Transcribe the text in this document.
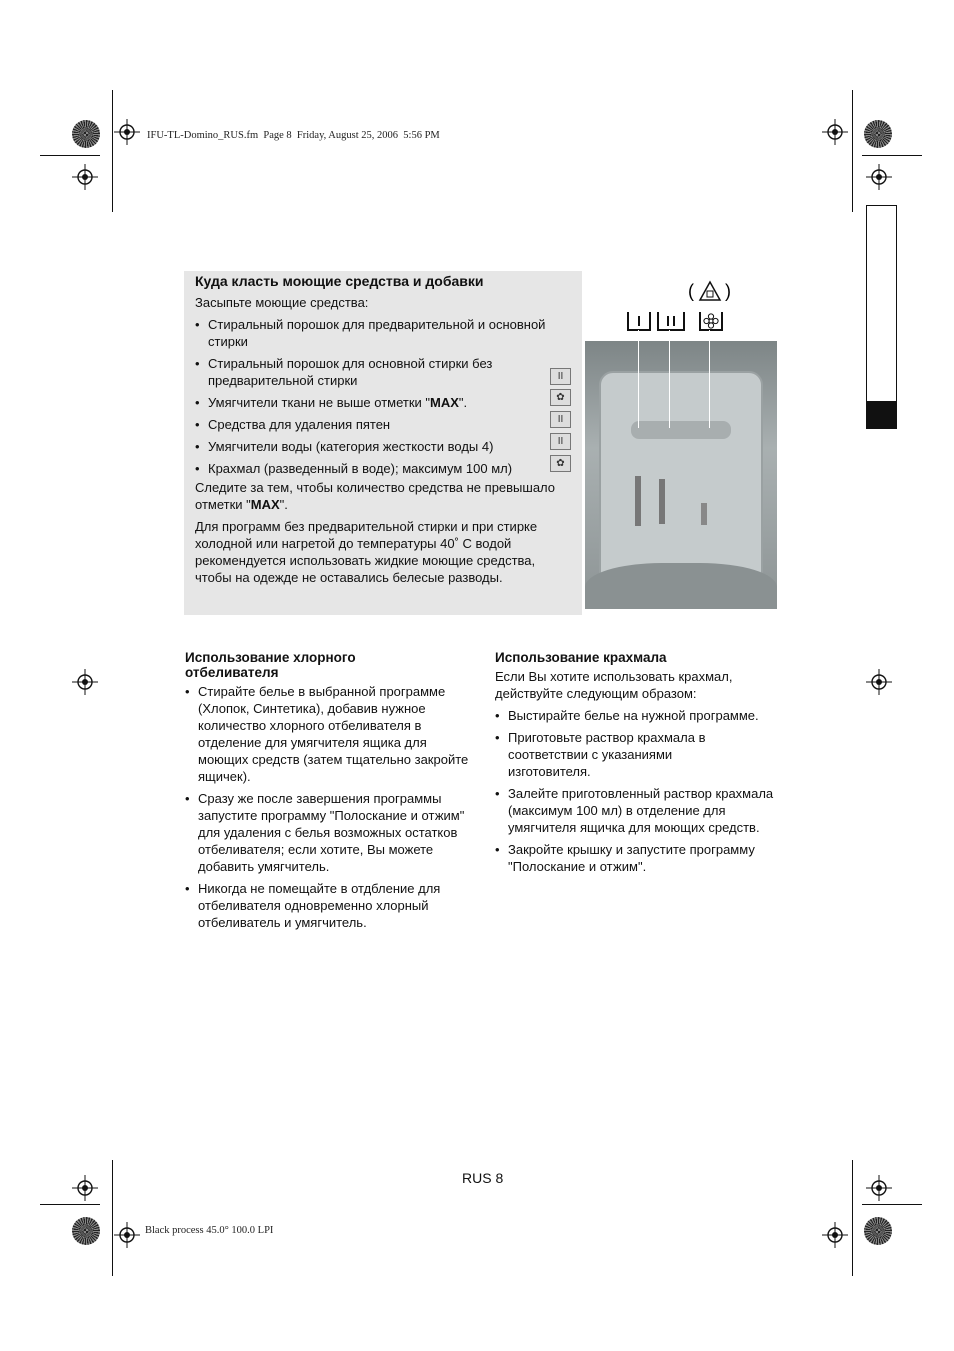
IFU-TL-Domino_RUS.fm  Page 8  Friday, August 25, 2006  5:56 PM
Куда класть моющие средства и добавки
Засыпьте моющие средства:
• Стиральный порошок для предварительной и основной стирки
• Стиральный порошок для основной стирки без предварительной стирки
• Умягчители ткани не выше отметки "MAX".
• Средства для удаления пятен
• Умягчители воды (категория жесткости воды 4)
• Крахмал (разведенный в воде); максимум 100 мл)
Следите за тем, чтобы количество средства не превышало отметки "MAX".
Для программ без предварительной стирки и при стирке холодной или нагретой до температуры 40˚ С водой рекомендуется использовать жидкие моющие средства, чтобы на одежде не оставались белесые разводы.
II
✿
II
II
✿
( )
Использование хлорного отбеливателя
• Стирайте белье в выбранной программе (Хлопок, Синтетика), добавив нужное количество хлорного отбеливателя в отделение для умягчителя ящика для моющих средств (затем тщательно закройте ящичек).
• Сразу же после завершения программы запустите программу "Полоскание и отжим" для удаления с белья возможных остатков отбеливателя; если хотите, Вы можете добавить умягчитель.
• Никогда не помещайте в отдбление для отбеливателя одновременно хлорный отбеливатель и умягчитель.
Использование крахмала
Если Вы хотите использовать крахмал, действуйте следующим образом:
• Выстирайте белье на нужной программе.
• Приготовьте раствор крахмала в соответствии с указаниями изготовителя.
• Залейте приготовленный раствор крахмала (максимум 100 мл) в отделение для умягчителя ящичка для моющих средств.
• Закройте крышку и запустите программу "Полоскание и отжим".
RUS 8
Black process 45.0° 100.0 LPI
